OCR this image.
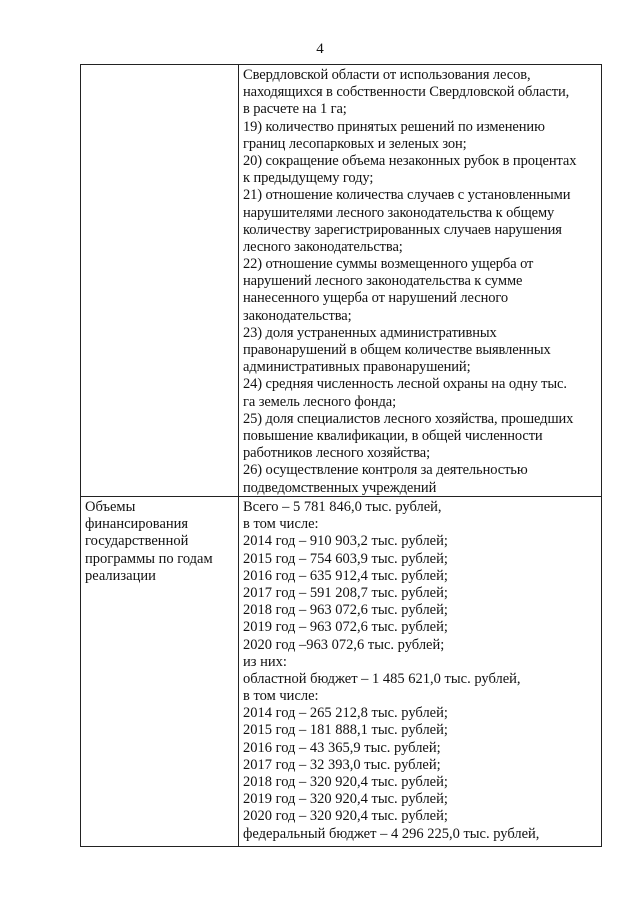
4
Свердловской области от использования лесов,
находящихся в собственности Свердловской области,
в расчете на 1 га;
19) количество принятых решений по изменению
границ лесопарковых и зеленых зон;
20) сокращение объема незаконных рубок в процентах
к предыдущему году;
21) отношение количества случаев с установленными
нарушителями лесного законодательства к общему
количеству зарегистрированных случаев нарушения
лесного законодательства;
22) отношение суммы возмещенного ущерба от
нарушений лесного законодательства к сумме
нанесенного ущерба от нарушений лесного
законодательства;
23) доля устраненных административных
правонарушений в общем количестве выявленных
административных правонарушений;
24) средняя численность лесной охраны на одну тыс.
га земель лесного фонда;
25) доля специалистов лесного хозяйства, прошедших
повышение квалификации, в общей численности
работников лесного хозяйства;
26) осуществление контроля за деятельностью
подведомственных учреждений
Объемы
финансирования
государственной
программы по годам
реализации
Всего – 5 781 846,0 тыс. рублей,
в том числе:
2014 год – 910 903,2 тыс. рублей;
2015 год – 754 603,9 тыс. рублей;
2016 год – 635 912,4 тыс. рублей;
2017 год – 591 208,7 тыс. рублей;
2018 год – 963 072,6 тыс. рублей;
2019 год – 963 072,6 тыс. рублей;
2020 год –963 072,6 тыс. рублей;
из них:
областной бюджет – 1 485 621,0 тыс. рублей,
в том числе:
2014 год – 265 212,8 тыс. рублей;
2015 год – 181 888,1 тыс. рублей;
2016 год – 43 365,9 тыс. рублей;
2017 год – 32 393,0 тыс. рублей;
2018 год – 320 920,4 тыс. рублей;
2019 год – 320 920,4 тыс. рублей;
2020 год – 320 920,4 тыс. рублей;
федеральный бюджет – 4 296 225,0 тыс. рублей,
